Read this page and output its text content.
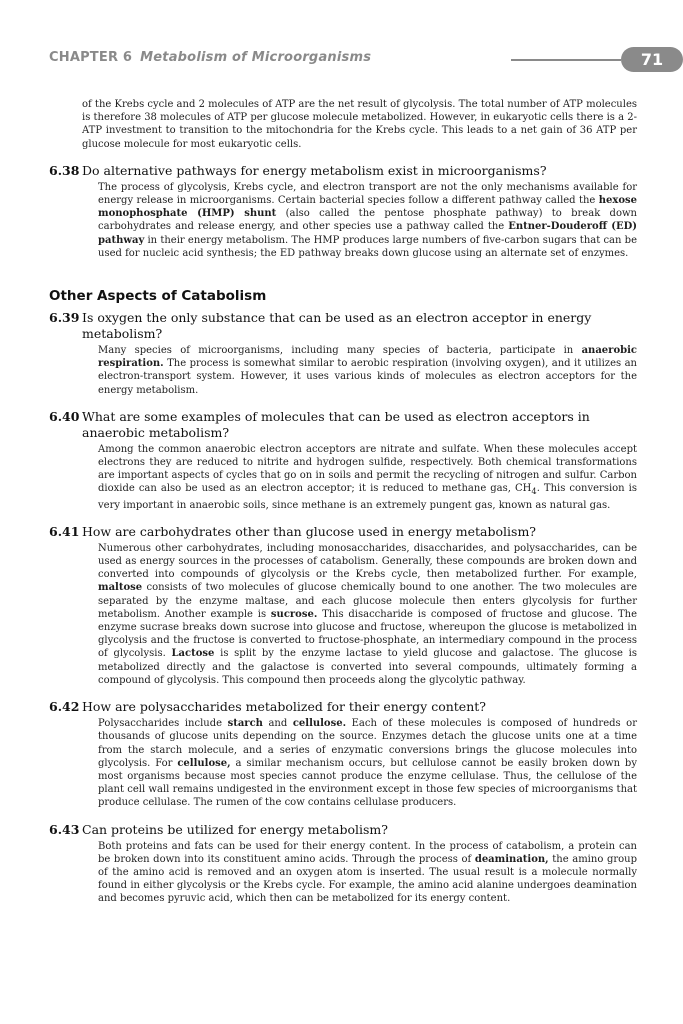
CHAPTER 6 Metabolism of Microorganisms	71

of the Krebs cycle and 2 molecules of ATP are the net result of glycolysis. The total number of ATP molecules is therefore 38 molecules of ATP per glucose molecule metabolized. However, in eukaryotic cells there is a 2-ATP investment to transition to the mitochondria for the Krebs cycle. This leads to a net gain of 36 ATP per glucose molecule for most eukaryotic cells.

6.38 Do alternative pathways for energy metabolism exist in microorganisms?

The process of glycolysis, Krebs cycle, and electron transport are not the only mechanisms available for energy release in microorganisms. Certain bacterial species follow a different pathway called the hexose monophosphate (HMP) shunt (also called the pentose phosphate pathway) to break down carbohydrates and release energy, and other species use a pathway called the Entner-Douderoff (ED) pathway in their energy metabolism. The HMP produces large numbers of five-carbon sugars that can be used for nucleic acid synthesis; the ED pathway breaks down glucose using an alternate set of enzymes.

Other Aspects of Catabolism

6.39 Is oxygen the only substance that can be used as an electron acceptor in energy metabolism?

Many species of microorganisms, including many species of bacteria, participate in anaerobic respiration. The process is somewhat similar to aerobic respiration (involving oxygen), and it utilizes an electron-transport system. However, it uses various kinds of molecules as electron acceptors for the energy metabolism.

6.40 What are some examples of molecules that can be used as electron acceptors in anaerobic metabolism?

Among the common anaerobic electron acceptors are nitrate and sulfate. When these molecules accept electrons they are reduced to nitrite and hydrogen sulfide, respectively. Both chemical transformations are important aspects of cycles that go on in soils and permit the recycling of nitrogen and sulfur. Carbon dioxide can also be used as an electron acceptor; it is reduced to methane gas, $CH_4$. This conversion is very important in anaerobic soils, since methane is an extremely pungent gas, known as natural gas.

6.41 How are carbohydrates other than glucose used in energy metabolism?

Numerous other carbohydrates, including monosaccharides, disaccharides, and polysaccharides, can be used as energy sources in the processes of catabolism. Generally, these compounds are broken down and converted into compounds of glycolysis or the Krebs cycle, then metabolized further. For example, maltose consists of two molecules of glucose chemically bound to one another. The two molecules are separated by the enzyme maltase, and each glucose molecule then enters glycolysis for further metabolism. Another example is sucrose. This disaccharide is composed of fructose and glucose. The enzyme sucrase breaks down sucrose into glucose and fructose, whereupon the glucose is metabolized in glycolysis and the fructose is converted to fructose-phosphate, an intermediary compound in the process of glycolysis. Lactose is split by the enzyme lactase to yield glucose and galactose. The glucose is metabolized directly and the galactose is converted into several compounds, ultimately forming a compound of glycolysis. This compound then proceeds along the glycolytic pathway.

6.42 How are polysaccharides metabolized for their energy content?

Polysaccharides include starch and cellulose. Each of these molecules is composed of hundreds or thousands of glucose units depending on the source. Enzymes detach the glucose units one at a time from the starch molecule, and a series of enzymatic conversions brings the glucose molecules into glycolysis. For cellulose, a similar mechanism occurs, but cellulose cannot be easily broken down by most organisms because most species cannot produce the enzyme cellulase. Thus, the cellulose of the plant cell wall remains undigested in the environment except in those few species of microorganisms that produce cellulase. The rumen of the cow contains cellulase producers.

6.43 Can proteins be utilized for energy metabolism?

Both proteins and fats can be used for their energy content. In the process of catabolism, a protein can be broken down into its constituent amino acids. Through the process of deamination, the amino group of the amino acid is removed and an oxygen atom is inserted. The usual result is a molecule normally found in either glycolysis or the Krebs cycle. For example, the amino acid alanine undergoes deamination and becomes pyruvic acid, which then can be metabolized for its energy content.
